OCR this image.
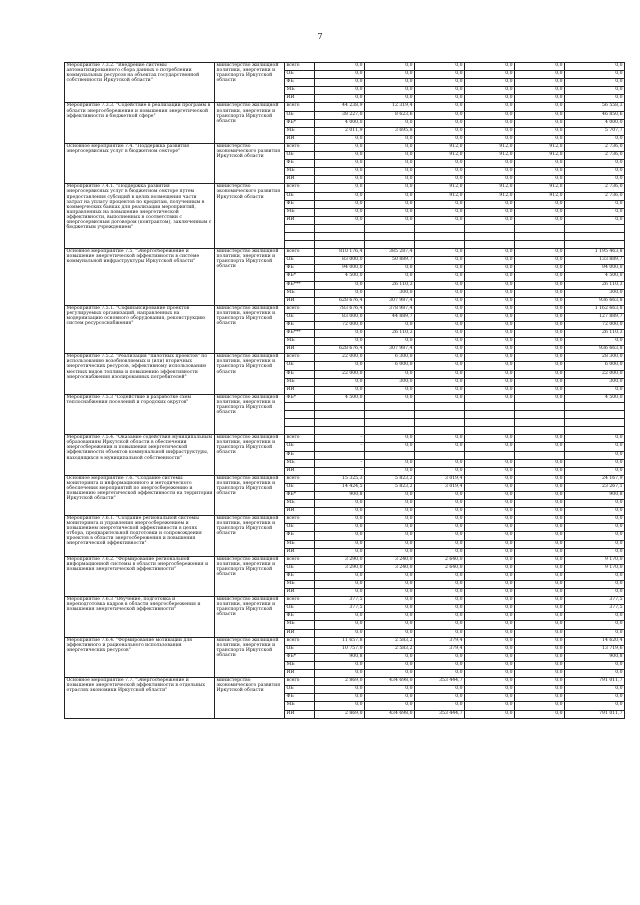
7
Мероприятие 7.3.2. "Внедрение системы автоматизированного сбора данных о потреблении коммунальных ресурсов на объектах государственной собственности Иркутской области"	министерство жилищной политики, энергетики и транспорта Иркутской области	всего	0,0	0,0	0,0	0,0	0,0	0,0
		ОБ	0,0	0,0	0,0	0,0	0,0	0,0
		ФБ	0,0	0,0	0,0	0,0	0,0	0,0
		МБ	0,0	0,0	0,0	0,0	0,0	0,0
		ИИ	0,0	0,0	0,0	0,0	0,0	0,0
Мероприятие 7.3.3. "Содействие в реализации программ в области энергосбережения и повышения энергетической эффективности в бюджетной сфере"	министерство жилищной политики, энергетики и транспорта Иркутской области	всего	44 238,9	12 319,4	0,0	0,0	0,0	56 558,3
		ОБ	38 227,0	8 623,6	0,0	0,0	0,0	46 850,6
		ФБ*	4 000,0	0,0	0,0	0,0	0,0	4 000,0
		МБ	2 011,9	3 695,8	0,0	0,0	0,0	5 707,7
		ИИ	0,0	0,0	0,0	0,0	0,0	0,0
Основное мероприятие 7.4. "Поддержка развития энергосервисных услуг в бюджетном секторе"	министерство экономического развития Иркутской области	всего	0,0	0,0	912,0	912,0	912,0	2 736,0
		ОБ	0,0	0,0	912,0	912,0	912,0	2 736,0
		ФБ	0,0	0,0	0,0	0,0	0,0	0,0
		МБ	0,0	0,0	0,0	0,0	0,0	0,0
		ИИ	0,0	0,0	0,0	0,0	0,0	0,0
Мероприятие 7.4.1. "Поддержка развития энергосервисных услуг в бюджетном секторе путем предоставления субсидий в целях возмещения части затрат на уплату процентов по кредитам, полученным в коммерческих банках для реализации мероприятий, направленных на повышение энергетической эффективности, выполненных в соответствии с энергосервисным договором (контрактом), заключенным с бюджетным учреждением"	министерство экономического развития Иркутской области	всего	0,0	0,0	912,0	912,0	912,0	2 736,0
		ОБ	0,0	0,0	912,0	912,0	912,0	2 736,0
		ФБ	0,0	0,0	0,0	0,0	0,0	0,0
		МБ	0,0	0,0	0,0	0,0	0,0	0,0
		ИИ	0,0	0,0	0,0	0,0	0,0	0,0

Основное мероприятие 7.5. "Энергосбережение и повышение энергетической эффективности в системе коммунальной инфраструктуры Иркутской области"	министерство жилищной политики, энергетики и транспорта Иркутской области	всего	810 176,4	385 287,4	0,0	0,0	0,0	1 195 463,8
		ОБ	83 000,0	50 889,7	0,0	0,0	0,0	133 889,7
		ФБ	94 000,0	0,0	0,0	0,0	0,0	94 000,0
		ФБ*	4 500,0	0,0	0,0	0,0	0,0	4 500,0
		ФБ***	0,0	26 110,3	0,0	0,0	0,0	26 110,3
		МБ	0,0	300,0	0,0	0,0	0,0	300,0
		ИИ	628 676,4	307 987,4	0,0	0,0	0,0	936 663,8
Мероприятие 7.5.1. "Софинансирование проектов регулируемых организаций, направленных на модернизацию основного оборудования, реконструкцию систем ресурсоснабжения"	министерство жилищной политики, энергетики и транспорта Иркутской области	всего	783 676,4	378 987,4	0,0	0,0	0,0	1 162 663,8
		ОБ	83 000,0	44 889,7	0,0	0,0	0,0	127 889,7
		ФБ	72 000,0	0,0	0,0	0,0	0,0	72 000,0
		ФБ***	0,0	26 110,3	0,0	0,0	0,0	26 110,3
		МБ	0,0	0,0	0,0	0,0	0,0	0,0
		ИИ	628 676,4	307 987,4	0,0	0,0	0,0	936 663,8
Мероприятие 7.5.2. "Реализация "пилотных проектов" по использованию возобновляемых и (или) вторичных энергетических ресурсов, эффективному использованию местных видов топлива и повышению эффективности энергоснабжения изолированных потребителей"	министерство жилищной политики, энергетики и транспорта Иркутской области	всего	22 000,0	6 300,0	0,0	0,0	0,0	28 300,0
		ОБ	0,0	6 000,0	0,0	0,0	0,0	6 000,0
		ФБ	22 000,0	0,0	0,0	0,0	0,0	22 000,0
		МБ	0,0	300,0	0,0	0,0	0,0	300,0
		ИИ	0,0	0,0	0,0	0,0	0,0	0,0
Мероприятие 7.5.3 "Содействие в разработке схем теплоснабжения поселений и городских округов"	министерство жилищной политики, энергетики и транспорта Иркутской области	ФБ*	4 500,0	0,0	0,0	0,0	0,0	4 500,0

Мероприятие 7.5.4. "Оказание содействия муниципальным образованиям Иркутской области в обеспечении энергосбережения и повышения энергетической эффективности объектов коммунальной инфраструктуры, находящихся в муниципальной собственности"	министерство жилищной политики, энергетики и транспорта Иркутской области	всего	–	0,0	0,0	0,0	0,0	0,0
		ОБ	–	0,0	0,0	0,0	0,0	0,0
		ФБ						0,0
		МБ	–	0,0	0,0	0,0	0,0	0,0
		ИИ	–	0,0	0,0	0,0	0,0	0,0
Основное мероприятие 7.6. "Создание системы мониторинга и информационного и методического обеспечения мероприятий по энергосбережению и повышению энергетической эффективности на территории Иркутской области"	министерство жилищной политики, энергетики и транспорта Иркутской области	всего	15 325,3	5 823,2	3 019,4	0,0	0,0	24 167,9
		ОБ	14 424,5	5 823,2	3 019,4	0,0	0,0	23 267,1
		ФБ*	900,8	0,0	0,0	0,0	0,0	900,8
		МБ	0,0	0,0	0,0	0,0	0,0	0,0
		ИИ	0,0	0,0	0,0	0,0	0,0	0,0
Мероприятие 7.6.1. "Создание региональной системы мониторинга и управления энергосбережением и повышением энергетической эффективности в целях отбора, предварительной подготовки и сопровождения проектов в области энергосбережения и повышения энергетической эффективности"	министерство жилищной политики, энергетики и транспорта Иркутской области	всего	0,0	0,0	0,0	0,0	0,0	0,0
		ОБ	0,0	0,0	0,0	0,0	0,0	0,0
		ФБ	0,0	0,0	0,0	0,0	0,0	0,0
		МБ	0,0	0,0	0,0	0,0	0,0	0,0
		ИИ	0,0	0,0	0,0	0,0	0,0	0,0
Мероприятие 7.6.2. "Формирование региональной информационной системы в области энергосбережения и повышения энергетической эффективности"	министерство жилищной политики, энергетики и транспорта Иркутской области	всего	3 290,0	3 240,0	2 640,0	0,0	0,0	9 170,0
		ОБ	3 290,0	3 240,0	2 640,0	0,0	0,0	9 170,0
		ФБ	0,0	0,0	0,0	0,0	0,0	0,0
		МБ	0,0	0,0	0,0	0,0	0,0	0,0
		ИИ	0,0	0,0	0,0	0,0	0,0	0,0
Мероприятие 7.6.3 "Обучение, подготовка и переподготовка кадров в области энергосбережения и повышения энергетической эффективности"	министерство жилищной политики, энергетики и транспорта Иркутской области	всего	377,5	0,0	0,0	0,0	0,0	377,5
		ОБ	377,5	0,0	0,0	0,0	0,0	377,5
		ФБ	0,0	0,0	0,0	0,0	0,0	0,0
		МБ	0,0	0,0	0,0	0,0	0,0	0,0
		ИИ	0,0	0,0	0,0	0,0	0,0	0,0
Мероприятие 7.6.4. "Формирование мотивации для эффективного и рационального использования энергетических ресурсов"	министерство жилищной политики, энергетики и транспорта Иркутской области	всего	11 657,8	2 583,2	379,4	0,0	0,0	14 620,4
		ОБ	10 757,0	2 583,2	379,4	0,0	0,0	13 719,6
		ФБ*	900,8	0,0	0,0	0,0	0,0	900,8
		МБ	0,0	0,0	0,0	0,0	0,0	0,0
		ИИ	0,0	0,0	0,0	0,0	0,0	0,0
Основное мероприятие 7.7. "Энергосбережение и повышение энергетической эффективности в отдельных отраслях экономики Иркутской области"	министерство экономического развития Иркутской области	всего	2 869,0	434 698,0	353 444,7	0,0	0,0	791 011,7
		ОБ	0,0	0,0	0,0	0,0	0,0	0,0
		ФБ	0,0	0,0	0,0	0,0	0,0	0,0
		МБ	0,0	0,0	0,0	0,0	0,0	0,0
		ИИ	2 869,0	434 698,0	353 444,7	0,0	0,0	791 011,7
